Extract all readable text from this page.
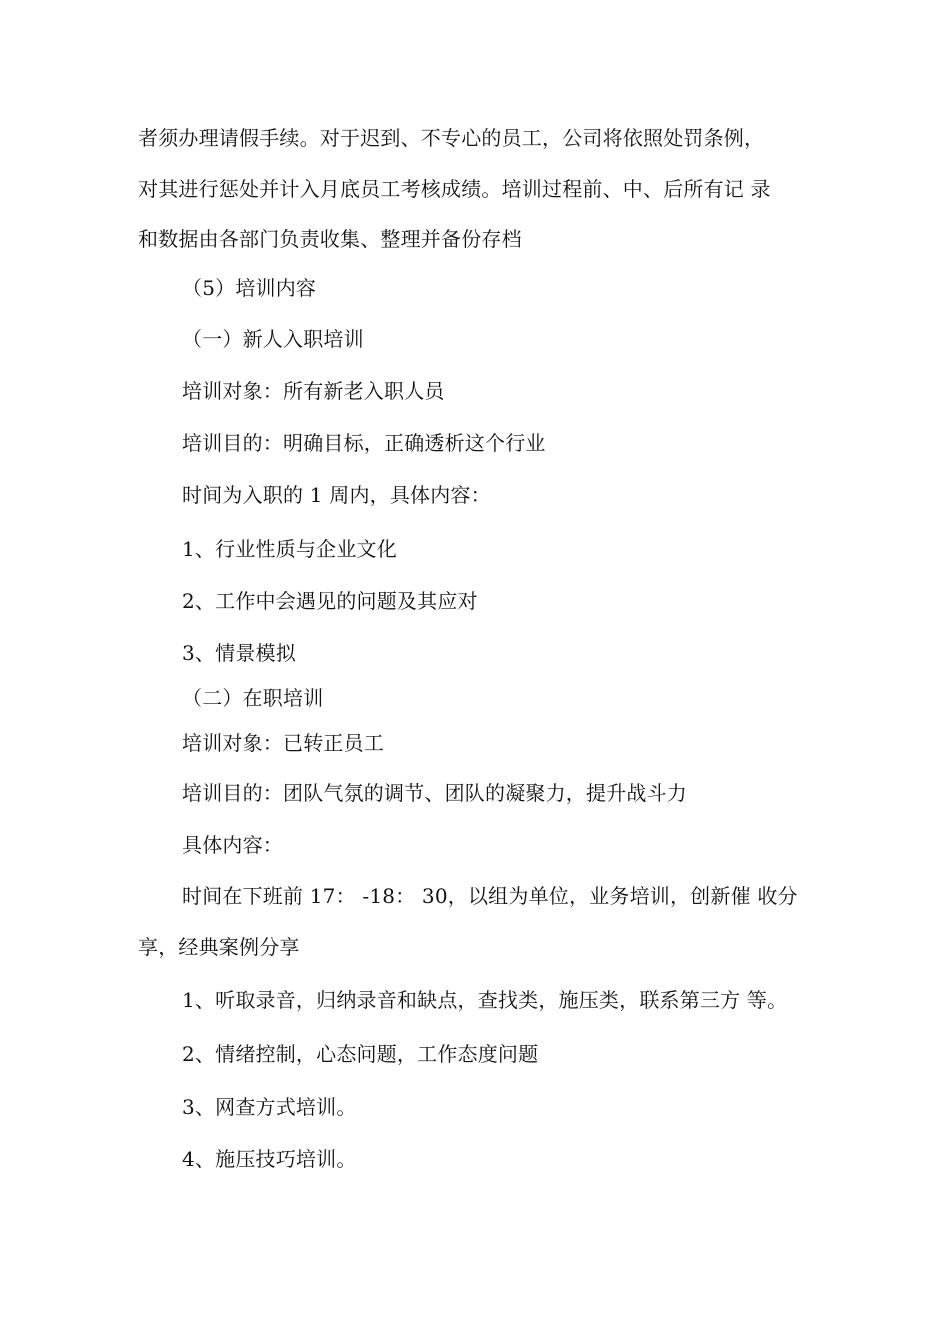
者须办理请假手续。对于迟到、不专心的员工，公司将依照处罚条例，
对其进行惩处并计入月底员工考核成绩。培训过程前、中、后所有记 录
和数据由各部门负责收集、整理并备份存档
（5）培训内容
（一）新人入职培训
培训对象：所有新老入职人员
培训目的：明确目标，正确透析这个行业
时间为入职的 1 周内，具体内容：
1、行业性质与企业文化
2、工作中会遇见的问题及其应对
3、情景模拟
（二）在职培训
培训对象：已转正员工
培训目的：团队气氛的调节、团队的凝聚力，提升战斗力
具体内容：
时间在下班前 17： -18： 30，以组为单位，业务培训，创新催 收分
享，经典案例分享
1、听取录音，归纳录音和缺点，查找类，施压类，联系第三方 等。
2、情绪控制，心态问题，工作态度问题
3、网查方式培训。
4、施压技巧培训。
